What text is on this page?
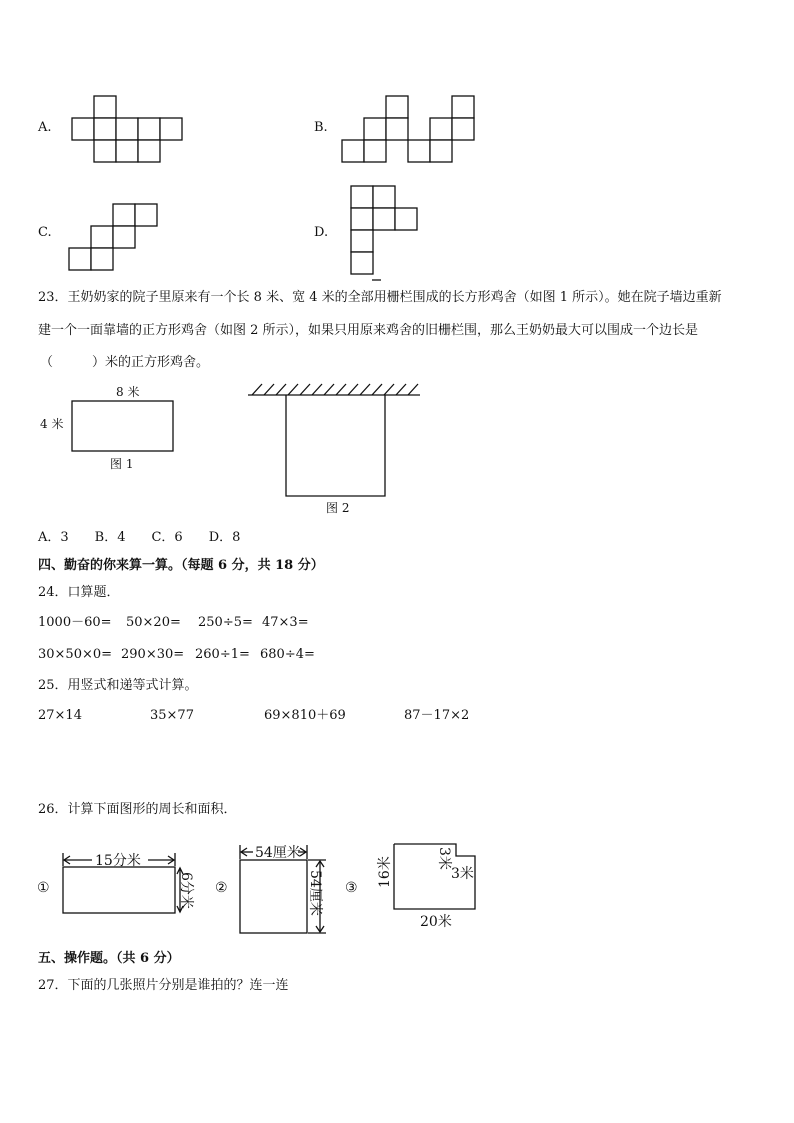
A.	B.
C.	D.
23．王奶奶家的院子里原来有一个长 8 米、宽 4 米的全部用栅栏围成的长方形鸡舍（如图 1 所示）。她在院子墙边重新
建一个一面靠墙的正方形鸡舍（如图 2 所示），如果只用原来鸡舍的旧栅栏围，那么王奶奶最大可以围成一个边长是
（　　　）米的正方形鸡舍。
8 米
4 米
图 1
图 2
A．3　　B．4　　C．6　　D．8
四、勤奋的你来算一算。（每题 6 分，共 18 分）
24．口算题．
1000－60= 50×20= 250÷5= 47×3=
30×50×0= 290×30= 260÷1= 680÷4=
25．用竖式和递等式计算。
27×14	35×77	69×810＋69	87－17×2
26．计算下面图形的周长和面积．
①
15分米
6分米 ②
54厘米
54厘米 ③ 16米	3米
3米
20米
五、操作题。（共 6 分）
27．下面的几张照片分别是谁拍的？连一连
